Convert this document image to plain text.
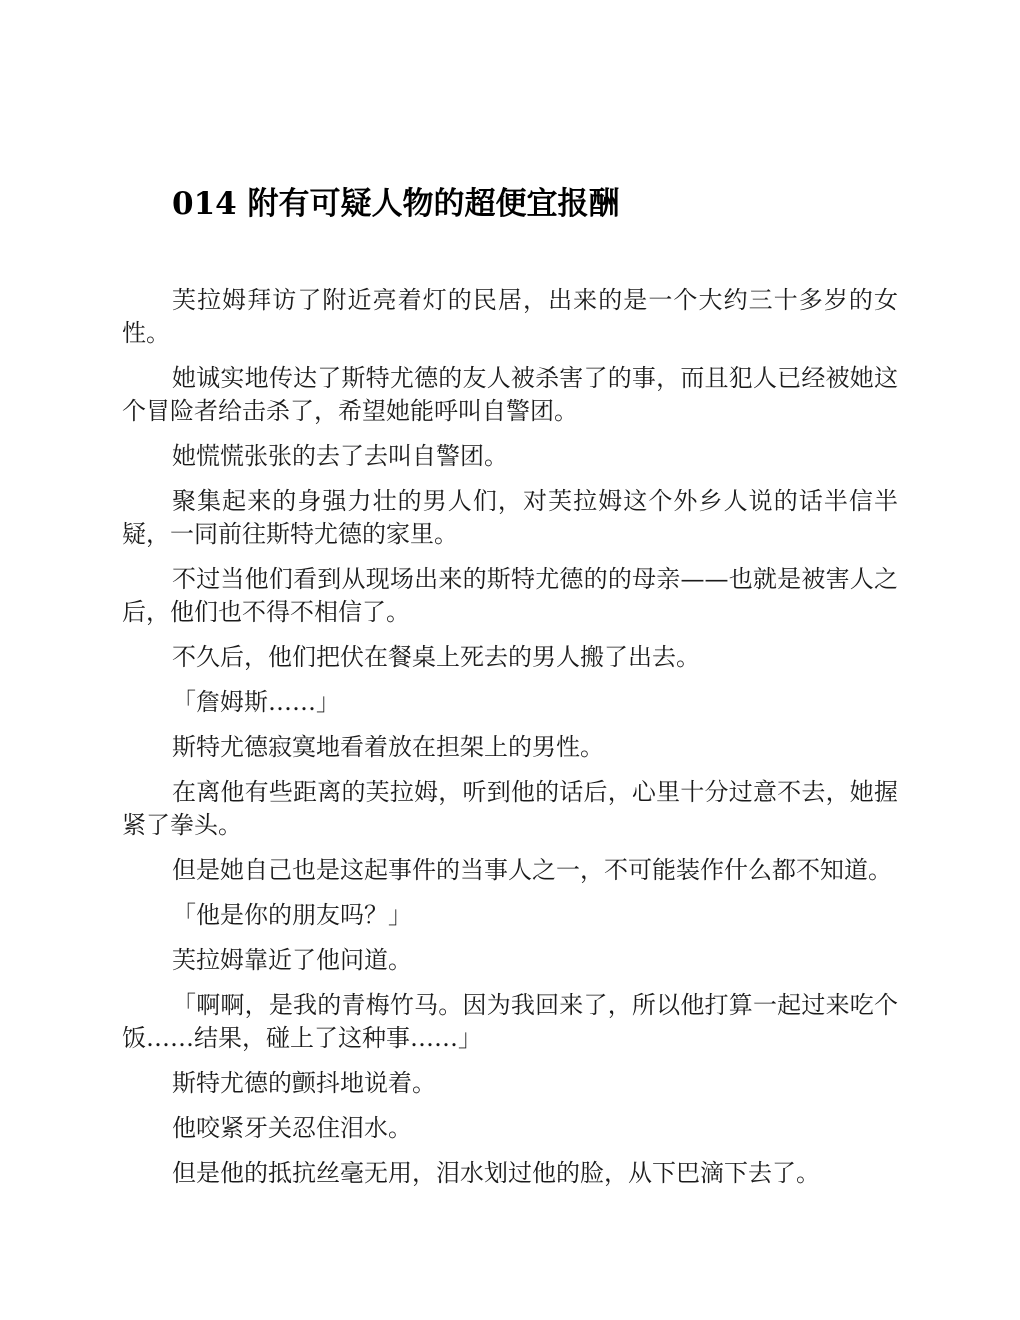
014 附有可疑人物的超便宜报酬

芙拉姆拜访了附近亮着灯的民居，出来的是一个大约三十多岁的女性。

她诚实地传达了斯特尤德的友人被杀害了的事，而且犯人已经被她这个冒险者给击杀了，希望她能呼叫自警团。

她慌慌张张的去了去叫自警团。

聚集起来的身强力壮的男人们，对芙拉姆这个外乡人说的话半信半疑，一同前往斯特尤德的家里。

不过当他们看到从现场出来的斯特尤德的的母亲——也就是被害人之后，他们也不得不相信了。

不久后，他们把伏在餐桌上死去的男人搬了出去。

「詹姆斯……」

斯特尤德寂寞地看着放在担架上的男性。

在离他有些距离的芙拉姆，听到他的话后，心里十分过意不去，她握紧了拳头。

但是她自己也是这起事件的当事人之一，不可能装作什么都不知道。

「他是你的朋友吗？」

芙拉姆靠近了他问道。

「啊啊，是我的青梅竹马。因为我回来了，所以他打算一起过来吃个饭……结果，碰上了这种事……」

斯特尤德的颤抖地说着。

他咬紧牙关忍住泪水。

但是他的抵抗丝毫无用，泪水划过他的脸，从下巴滴下去了。
